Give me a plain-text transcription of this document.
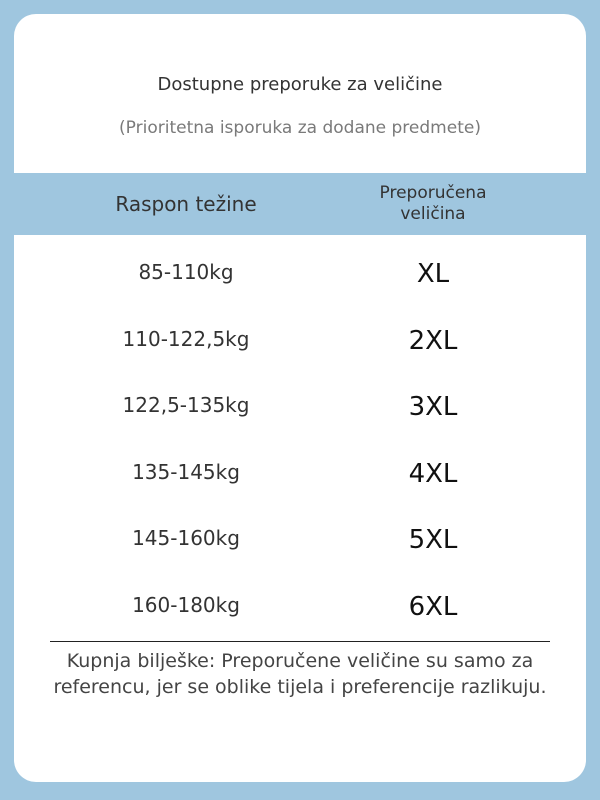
Dostupne preporuke za veličine
(Prioritetna isporuka za dodane predmete)
Raspon težine	Preporučena
veličina
85-110kg	XL
110-122,5kg	2XL
122,5-135kg	3XL
135-145kg	4XL
145-160kg	5XL
160-180kg	6XL
Kupnja bilješke: Preporučene veličine su samo za referencu, jer se oblike tijela i preferencije razlikuju.
